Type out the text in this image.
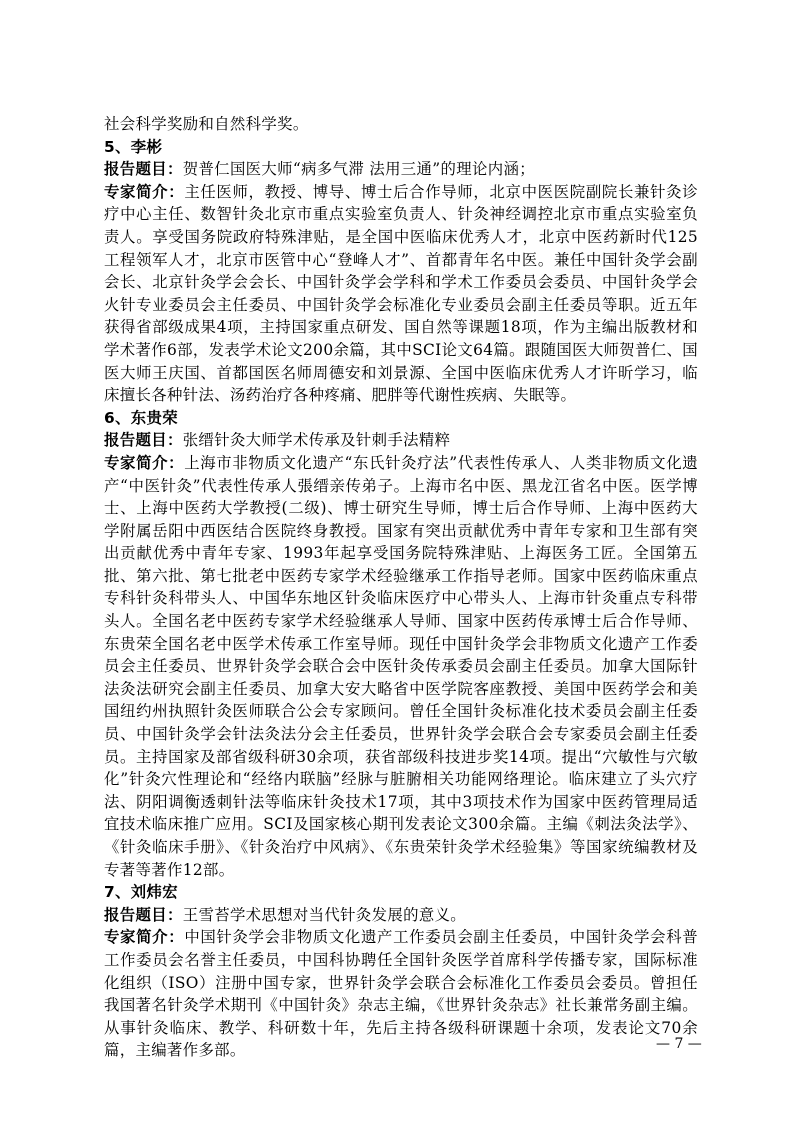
社会科学奖励和自然科学奖。

5、李彬

报告题目：贺普仁国医大师“病多气滞 法用三通”的理论内涵；

专家简介：主任医师，教授、博导、博士后合作导师，北京中医医院副院长兼针灸诊疗中心主任、数智针灸北京市重点实验室负责人、针灸神经调控北京市重点实验室负责人。享受国务院政府特殊津贴，是全国中医临床优秀人才，北京中医药新时代125工程领军人才，北京市医管中心“登峰人才”、首都青年名中医。兼任中国针灸学会副会长、北京针灸学会会长、中国针灸学会学科和学术工作委员会委员、中国针灸学会火针专业委员会主任委员、中国针灸学会标准化专业委员会副主任委员等职。近五年获得省部级成果4项，主持国家重点研发、国自然等课题18项，作为主编出版教材和学术著作6部，发表学术论文200余篇，其中SCI论文64篇。跟随国医大师贺普仁、国医大师王庆国、首都国医名师周德安和刘景源、全国中医临床优秀人才许昕学习，临床擅长各种针法、汤药治疗各种疼痛、肥胖等代谢性疾病、失眠等。

6、东贵荣

报告题目：张缙针灸大师学术传承及针刺手法精粹

专家简介：上海市非物质文化遗产“东氏针灸疗法”代表性传承人、人类非物质文化遗产“中医针灸”代表性传承人張缙亲传弟子。上海市名中医、黑龙江省名中医。医学博士、上海中医药大学教授(二级)、博士研究生导师，博士后合作导师、上海中医药大学附属岳阳中西医结合医院终身教授。国家有突出贡献优秀中青年专家和卫生部有突出贡献优秀中青年专家、1993年起享受国务院特殊津贴、上海医务工匠。全国第五批、第六批、第七批老中医药专家学术经验继承工作指导老师。国家中医药临床重点专科针灸科带头人、中国华东地区针灸临床医疗中心带头人、上海市针灸重点专科带头人。全国名老中医药专家学术经验继承人导师、国家中医药传承博士后合作导师、东贵荣全国名老中医学术传承工作室导师。现任中国针灸学会非物质文化遗产工作委员会主任委员、世界针灸学会联合会中医针灸传承委员会副主任委员。加拿大国际针法灸法研究会副主任委员、加拿大安大略省中医学院客座教授、美国中医药学会和美国纽约州执照针灸医师联合公会专家顾问。曾任全国针灸标准化技术委员会副主任委员、中国针灸学会针法灸法分会主任委员，世界针灸学会联合会专家委员会副主任委员。主持国家及部省级科研30余项，获省部级科技进步奖14项。提出“穴敏性与穴敏化”针灸穴性理论和“经络内联脑”经脉与脏腑相关功能网络理论。临床建立了头穴疗法、阴阳调衡透刺针法等临床针灸技术17项，其中3项技术作为国家中医药管理局适宜技术临床推广应用。SCI及国家核心期刊发表论文300余篇。主编《刺法灸法学》、《针灸临床手册》、《针灸治疗中风病》、《东贵荣针灸学术经验集》等国家统编教材及专著等著作12部。

7、刘炜宏

报告题目：王雪苔学术思想对当代针灸发展的意义。

专家简介：中国针灸学会非物质文化遗产工作委员会副主任委员，中国针灸学会科普工作委员会名誉主任委员，中国科协聘任全国针灸医学首席科学传播专家，国际标准化组织（ISO）注册中国专家，世界针灸学会联合会标准化工作委员会委员。曾担任我国著名针灸学术期刊《中国针灸》杂志主编，《世界针灸杂志》社长兼常务副主编。从事针灸临床、教学、科研数十年，先后主持各级科研课题十余项，发表论文70余篇，主编著作多部。	— 7 —
